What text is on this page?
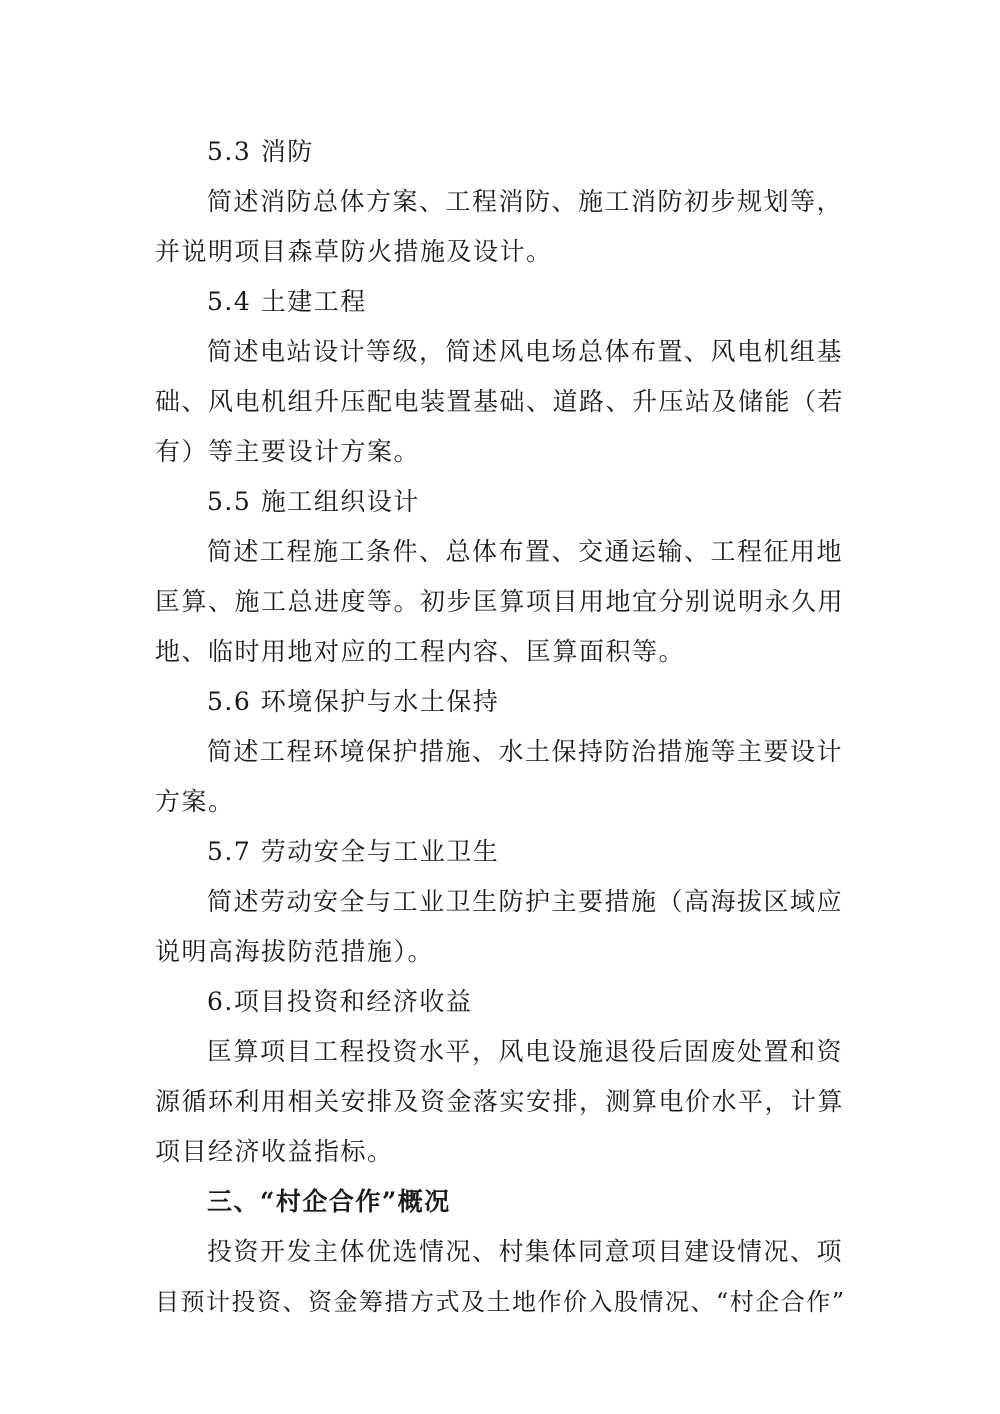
5.3 消防
简述消防总体方案、工程消防、施工消防初步规划等，
并说明项目森草防火措施及设计。
5.4 土建工程
简述电站设计等级，简述风电场总体布置、风电机组基
础、风电机组升压配电装置基础、道路、升压站及储能（若
有）等主要设计方案。
5.5 施工组织设计
简述工程施工条件、总体布置、交通运输、工程征用地
匡算、施工总进度等。初步匡算项目用地宜分别说明永久用
地、临时用地对应的工程内容、匡算面积等。
5.6 环境保护与水土保持
简述工程环境保护措施、水土保持防治措施等主要设计
方案。
5.7 劳动安全与工业卫生
简述劳动安全与工业卫生防护主要措施（高海拔区域应
说明高海拔防范措施）。
6.项目投资和经济收益
匡算项目工程投资水平，风电设施退役后固废处置和资
源循环利用相关安排及资金落实安排，测算电价水平，计算
项目经济收益指标。
三、“村企合作”概况
投资开发主体优选情况、村集体同意项目建设情况、项
目预计投资、资金筹措方式及土地作价入股情况、“村企合作”
